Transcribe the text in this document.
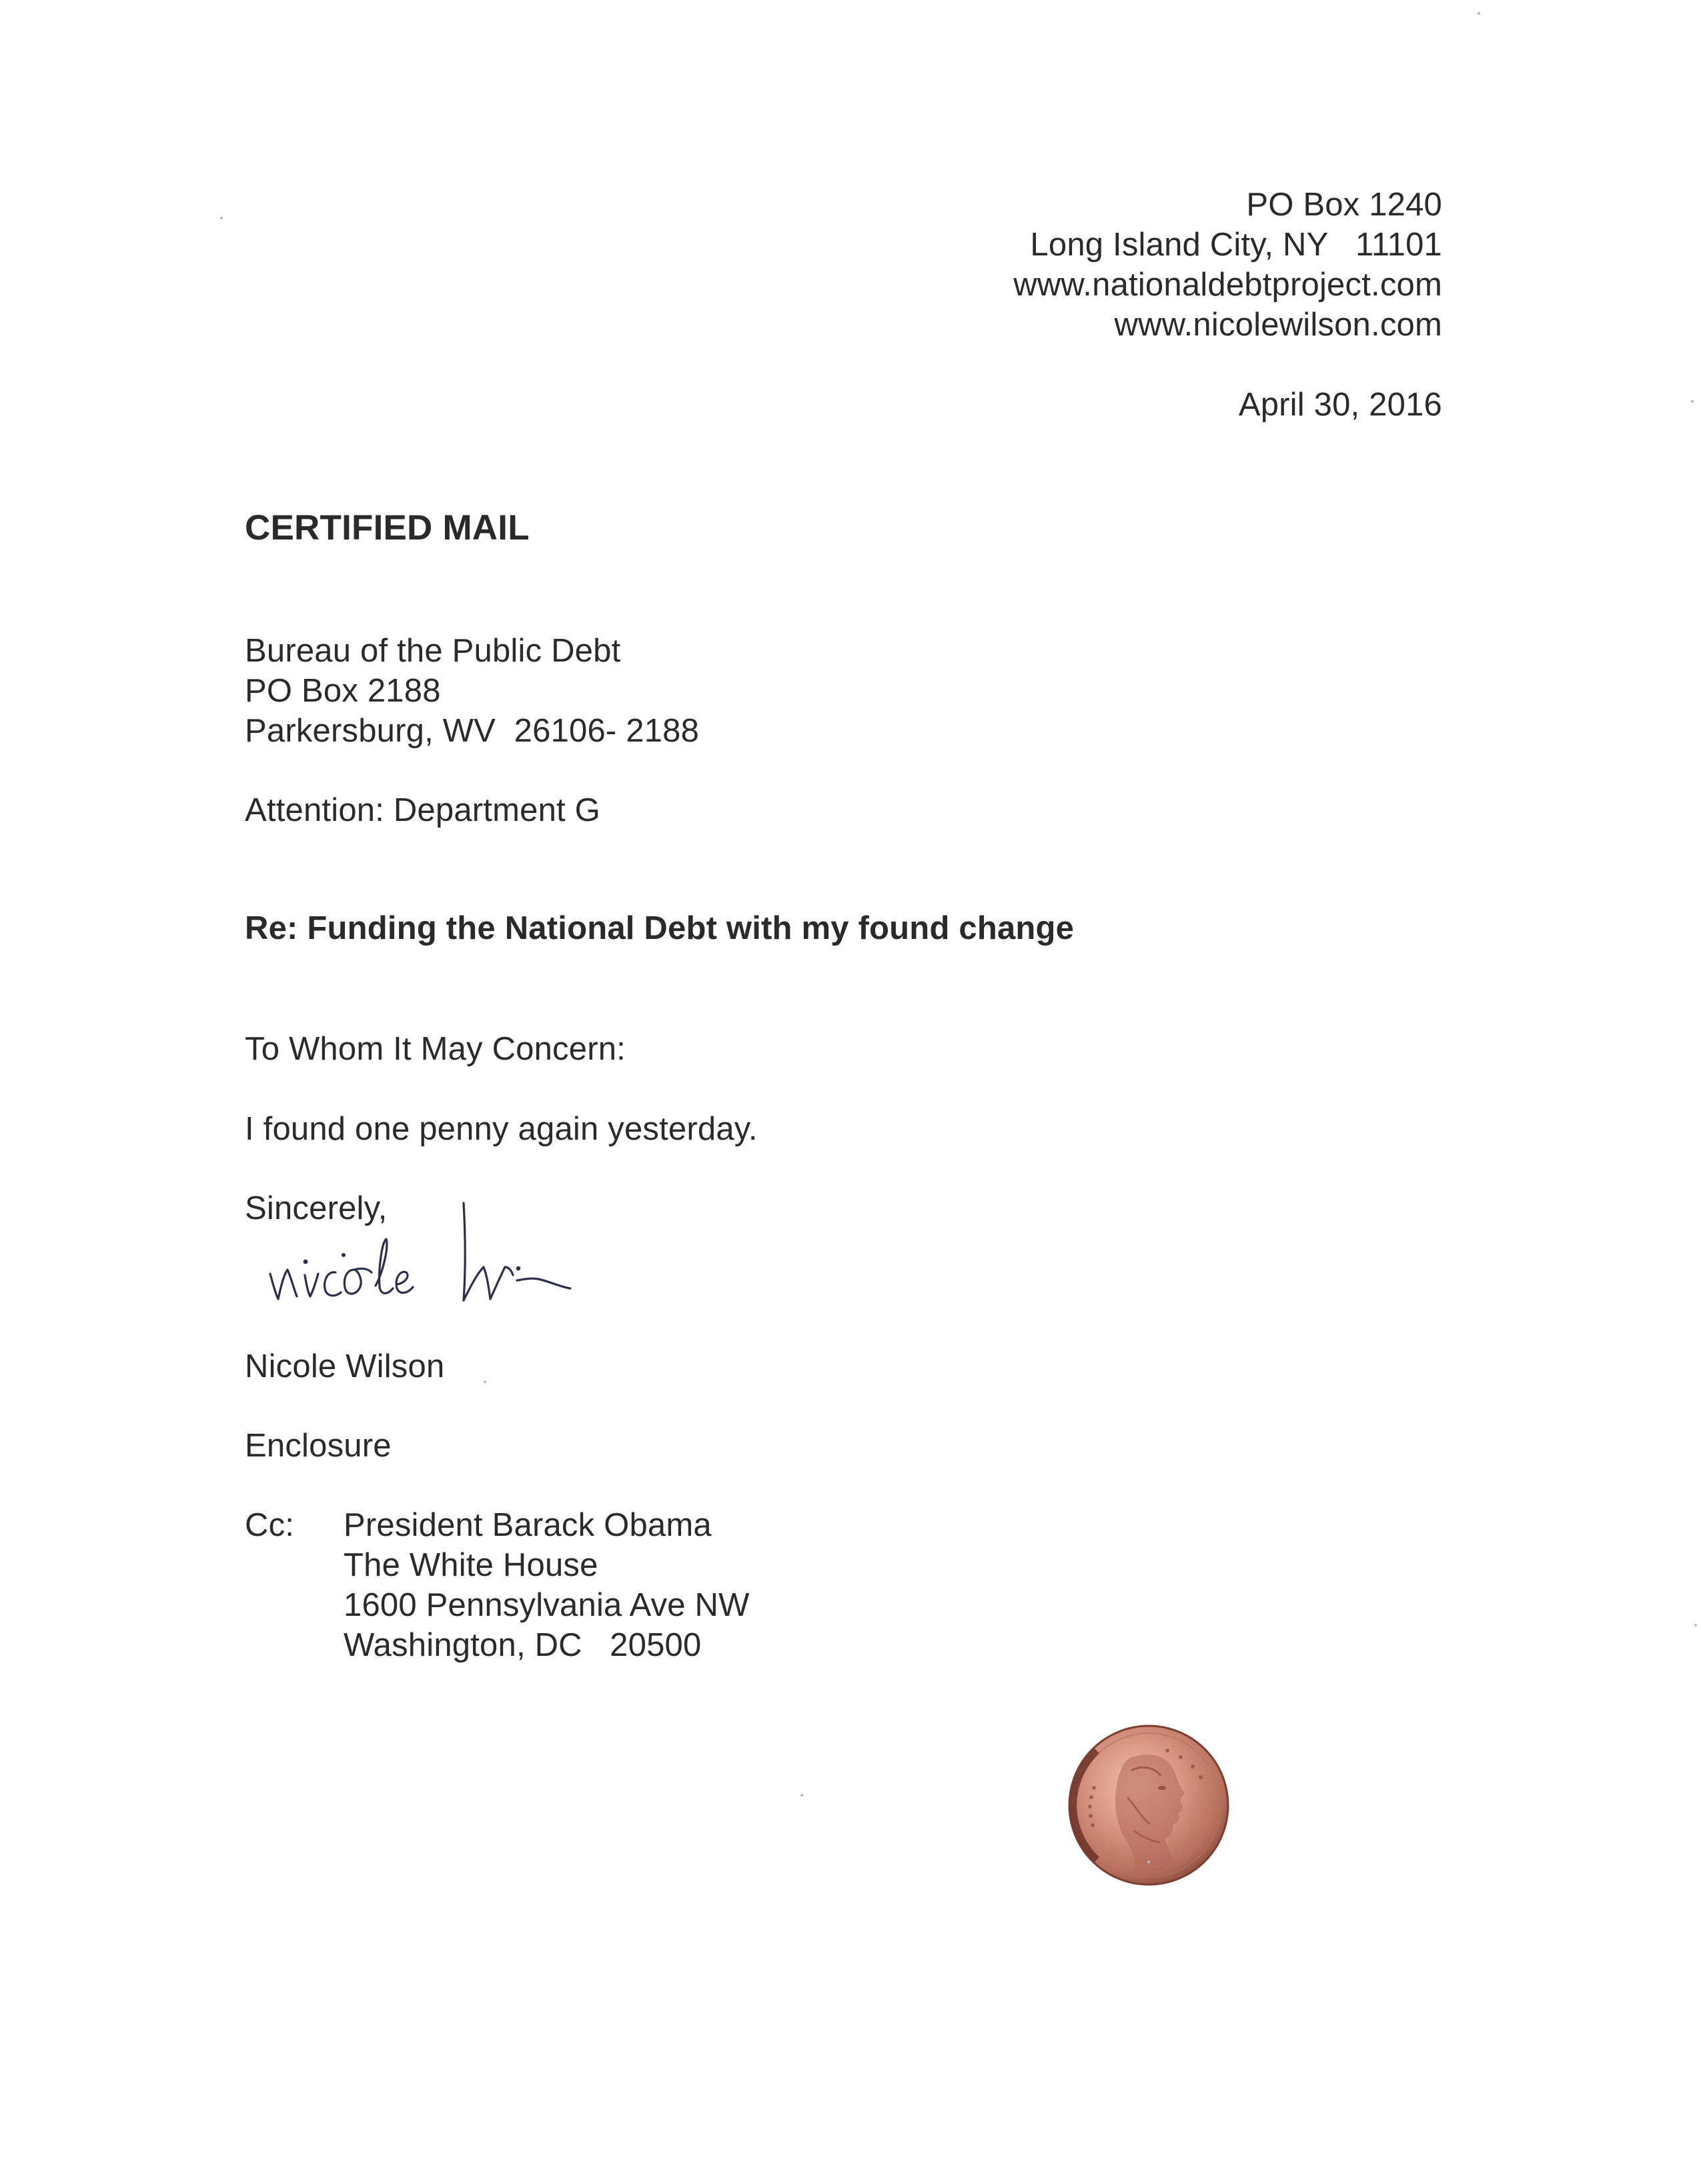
PO Box 1240
Long Island City, NY   11101
www.nationaldebtproject.com
www.nicolewilson.com
April 30, 2016
CERTIFIED MAIL
Bureau of the Public Debt
PO Box 2188
Parkersburg, WV  26106- 2188
Attention: Department G
Re: Funding the National Debt with my found change
To Whom It May Concern:
I found one penny again yesterday.
Sincerely,
Nicole Wilson
Enclosure
Cc: President Barack Obama
The White House
1600 Pennsylvania Ave NW
Washington, DC   20500
